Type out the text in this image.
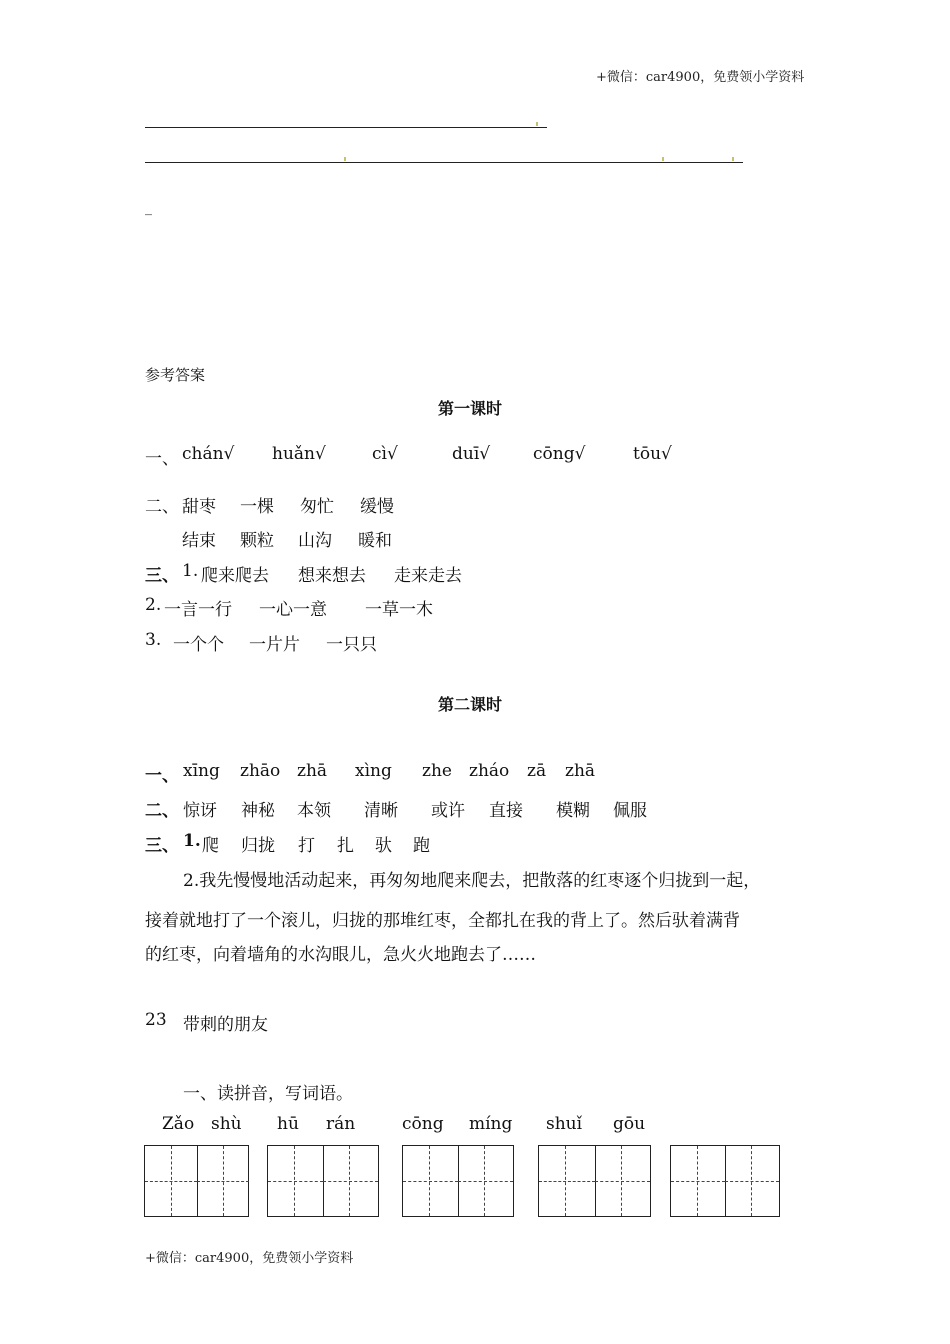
+微信：car4900，免费领小学资料
_
参考答案
第一课时
一、 chán√ huǎn√	cì√	duī√	cōng√	tōu√
二、 甜枣 一棵 匆忙 缓慢
结束 颗粒 山沟 暖和
三、 1. 爬来爬去 想来想去 走来走去
2. 一言一行 一心一意 一草一木
3. 一个个 一片片 一只只
第二课时
一、 xīng zhāo zhā xìng zhe zháo zā zhā
二、 惊讶 神秘 本领 清晰 或许 直接 模糊 佩服
三、 1. 爬 归拢 打 扎 驮 跑
2.我先慢慢地活动起来，再匆匆地爬来爬去，把散落的红枣逐个归拢到一起，
接着就地打了一个滚儿，归拢的那堆红枣，全都扎在我的背上了。然后驮着满背
的红枣，向着墙角的水沟眼儿，急火火地跑去了……
23 带刺的朋友
一、读拼音，写词语。
Zǎo shù hū rán	cōng míng shuǐ gōu
+微信：car4900，免费领小学资料
